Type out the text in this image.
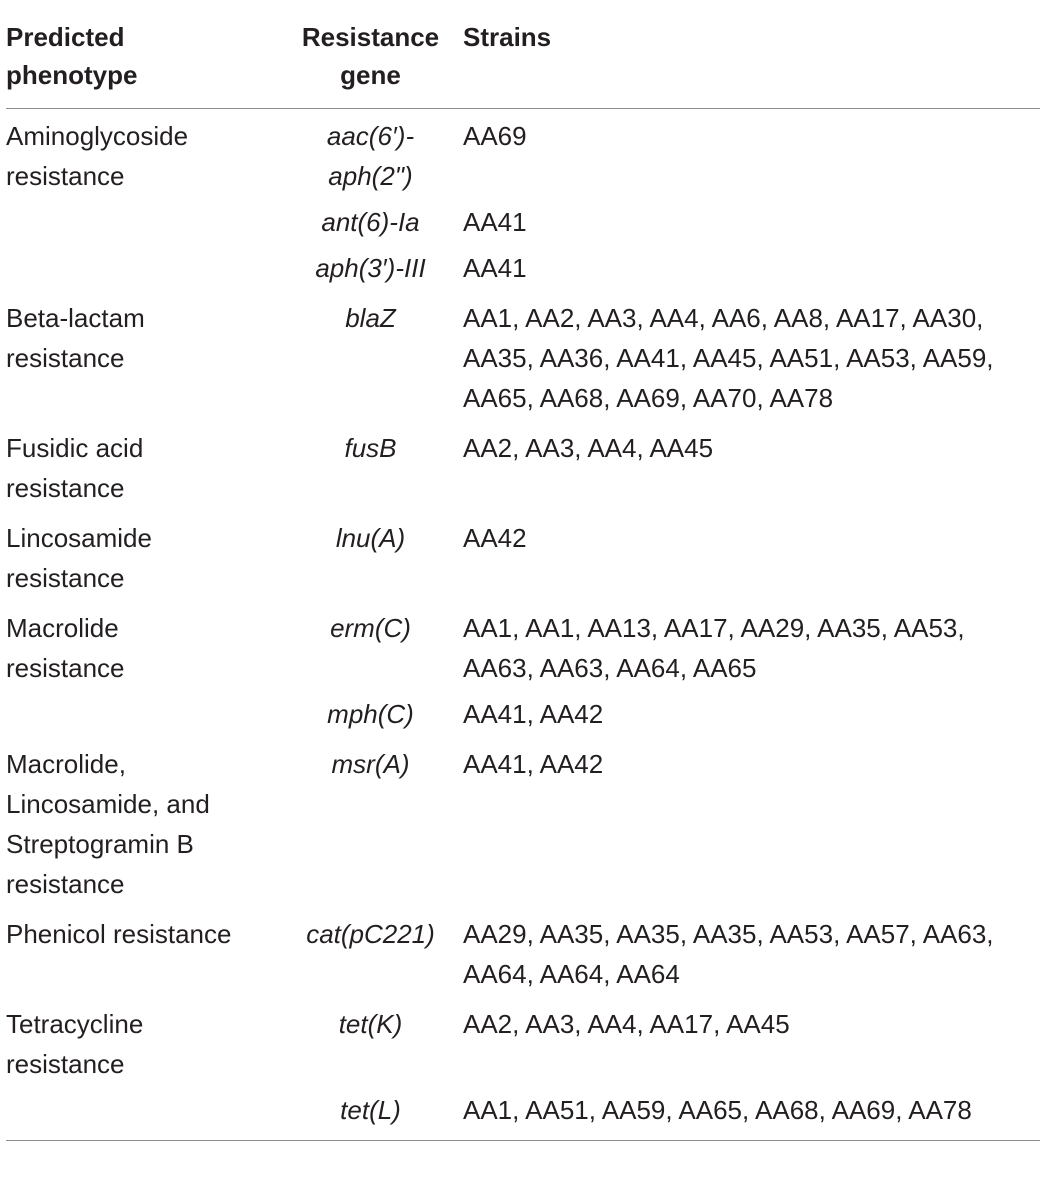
Predicted phenotype	Resistance gene	Strains
Aminoglycoside resistance	aac(6′)-aph(2")	AA69
	ant(6)-Ia	AA41
	aph(3′)-III	AA41
Beta-lactam resistance	blaZ	AA1, AA2, AA3, AA4, AA6, AA8, AA17, AA30, AA35, AA36, AA41, AA45, AA51, AA53, AA59, AA65, AA68, AA69, AA70, AA78
Fusidic acid resistance	fusB	AA2, AA3, AA4, AA45
Lincosamide resistance	lnu(A)	AA42
Macrolide resistance	erm(C)	AA1, AA1, AA13, AA17, AA29, AA35, AA53, AA63, AA63, AA64, AA65
	mph(C)	AA41, AA42
Macrolide, Lincosamide, and Streptogramin B resistance	msr(A)	AA41, AA42
Phenicol resistance	cat(pC221)	AA29, AA35, AA35, AA35, AA53, AA57, AA63, AA64, AA64, AA64
Tetracycline resistance	tet(K)	AA2, AA3, AA4, AA17, AA45
	tet(L)	AA1, AA51, AA59, AA65, AA68, AA69, AA78
